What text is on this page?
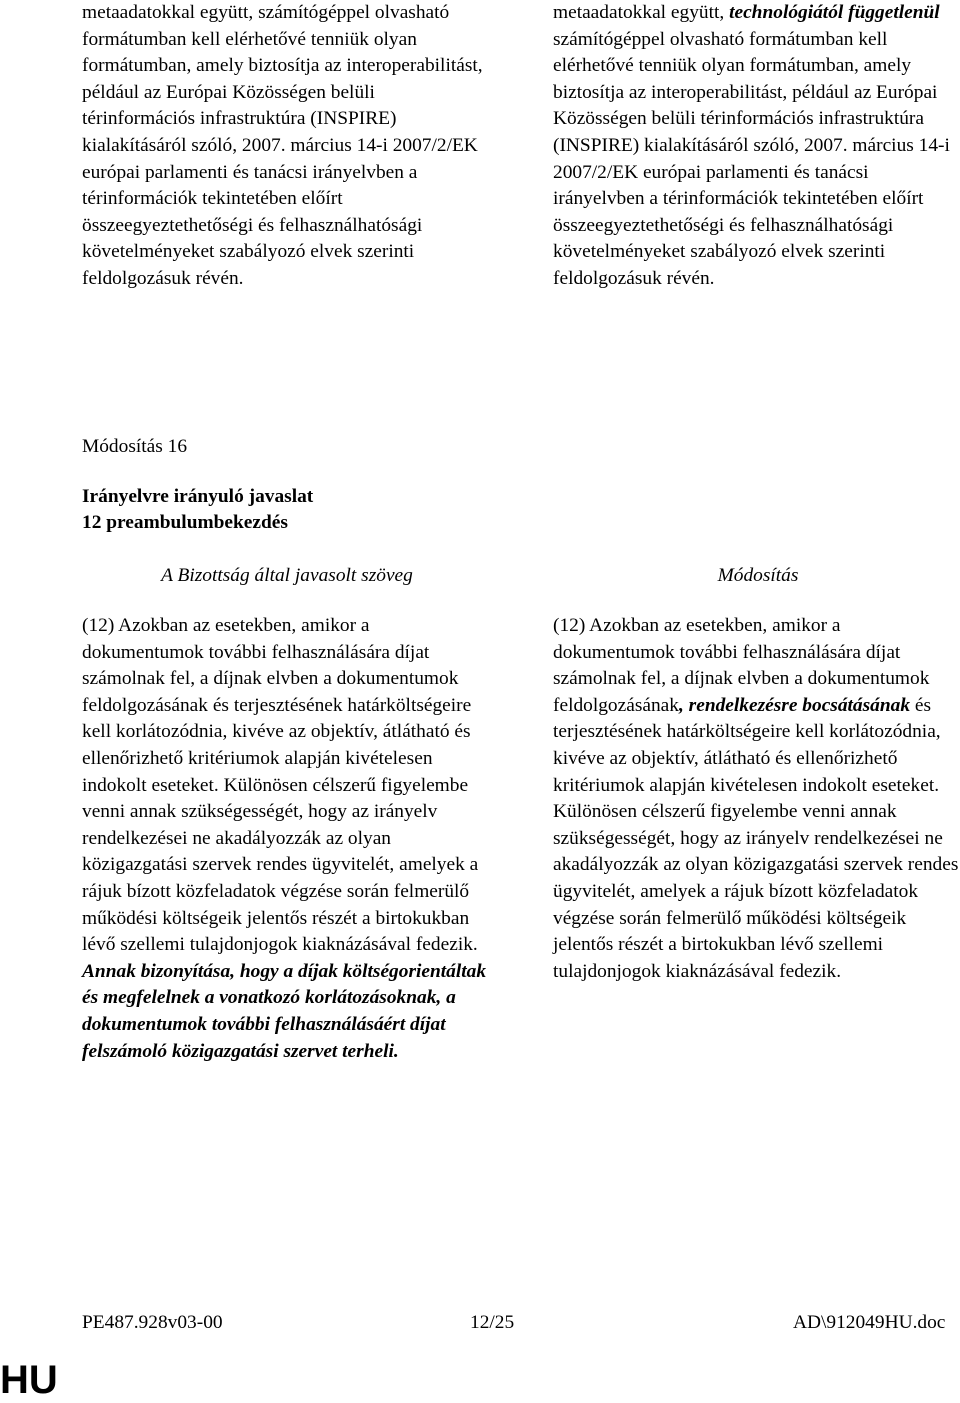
metaadatokkal együtt, számítógéppel olvasható formátumban kell elérhetővé tenniük olyan formátumban, amely biztosítja az interoperabilitást, például az Európai Közösségen belüli térinformációs infrastruktúra (INSPIRE) kialakításáról szóló, 2007. március 14-i 2007/2/EK európai parlamenti és tanácsi irányelvben a térinformációk tekintetében előírt összeegyeztethetőségi és felhasználhatósági követelményeket szabályozó elvek szerinti feldolgozásuk révén.

metaadatokkal együtt, technológiától függetlenül számítógéppel olvasható formátumban kell elérhetővé tenniük olyan formátumban, amely biztosítja az interoperabilitást, például az Európai Közösségen belüli térinformációs infrastruktúra (INSPIRE) kialakításáról szóló, 2007. március 14-i 2007/2/EK európai parlamenti és tanácsi irányelvben a térinformációk tekintetében előírt összeegyeztethetőségi és felhasználhatósági követelményeket szabályozó elvek szerinti feldolgozásuk révén.

Módosítás 16
Irányelvre irányuló javaslat
12 preambulumbekezdés
A Bizottság által javasolt szöveg	Módosítás

(12) Azokban az esetekben, amikor a dokumentumok további felhasználására díjat számolnak fel, a díjnak elvben a dokumentumok feldolgozásának és terjesztésének határköltségeire kell korlátozódnia, kivéve az objektív, átlátható és ellenőrizhető kritériumok alapján kivételesen indokolt eseteket. Különösen célszerű figyelembe venni annak szükségességét, hogy az irányelv rendelkezései ne akadályozzák az olyan közigazgatási szervek rendes ügyvitelét, amelyek a rájuk bízott közfeladatok végzése során felmerülő működési költségeik jelentős részét a birtokukban lévő szellemi tulajdonjogok kiaknázásával fedezik. Annak bizonyítása, hogy a díjak költségorientáltak és megfelelnek a vonatkozó korlátozásoknak, a dokumentumok további felhasználásáért díjat felszámoló közigazgatási szervet terheli.

(12) Azokban az esetekben, amikor a dokumentumok további felhasználására díjat számolnak fel, a díjnak elvben a dokumentumok feldolgozásának, rendelkezésre bocsátásának és terjesztésének határköltségeire kell korlátozódnia, kivéve az objektív, átlátható és ellenőrizhető kritériumok alapján kivételesen indokolt eseteket. Különösen célszerű figyelembe venni annak szükségességét, hogy az irányelv rendelkezései ne akadályozzák az olyan közigazgatási szervek rendes ügyvitelét, amelyek a rájuk bízott közfeladatok végzése során felmerülő működési költségeik jelentős részét a birtokukban lévő szellemi tulajdonjogok kiaknázásával fedezik.

PE487.928v03-00	12/25	AD\912049HU.doc
HU
